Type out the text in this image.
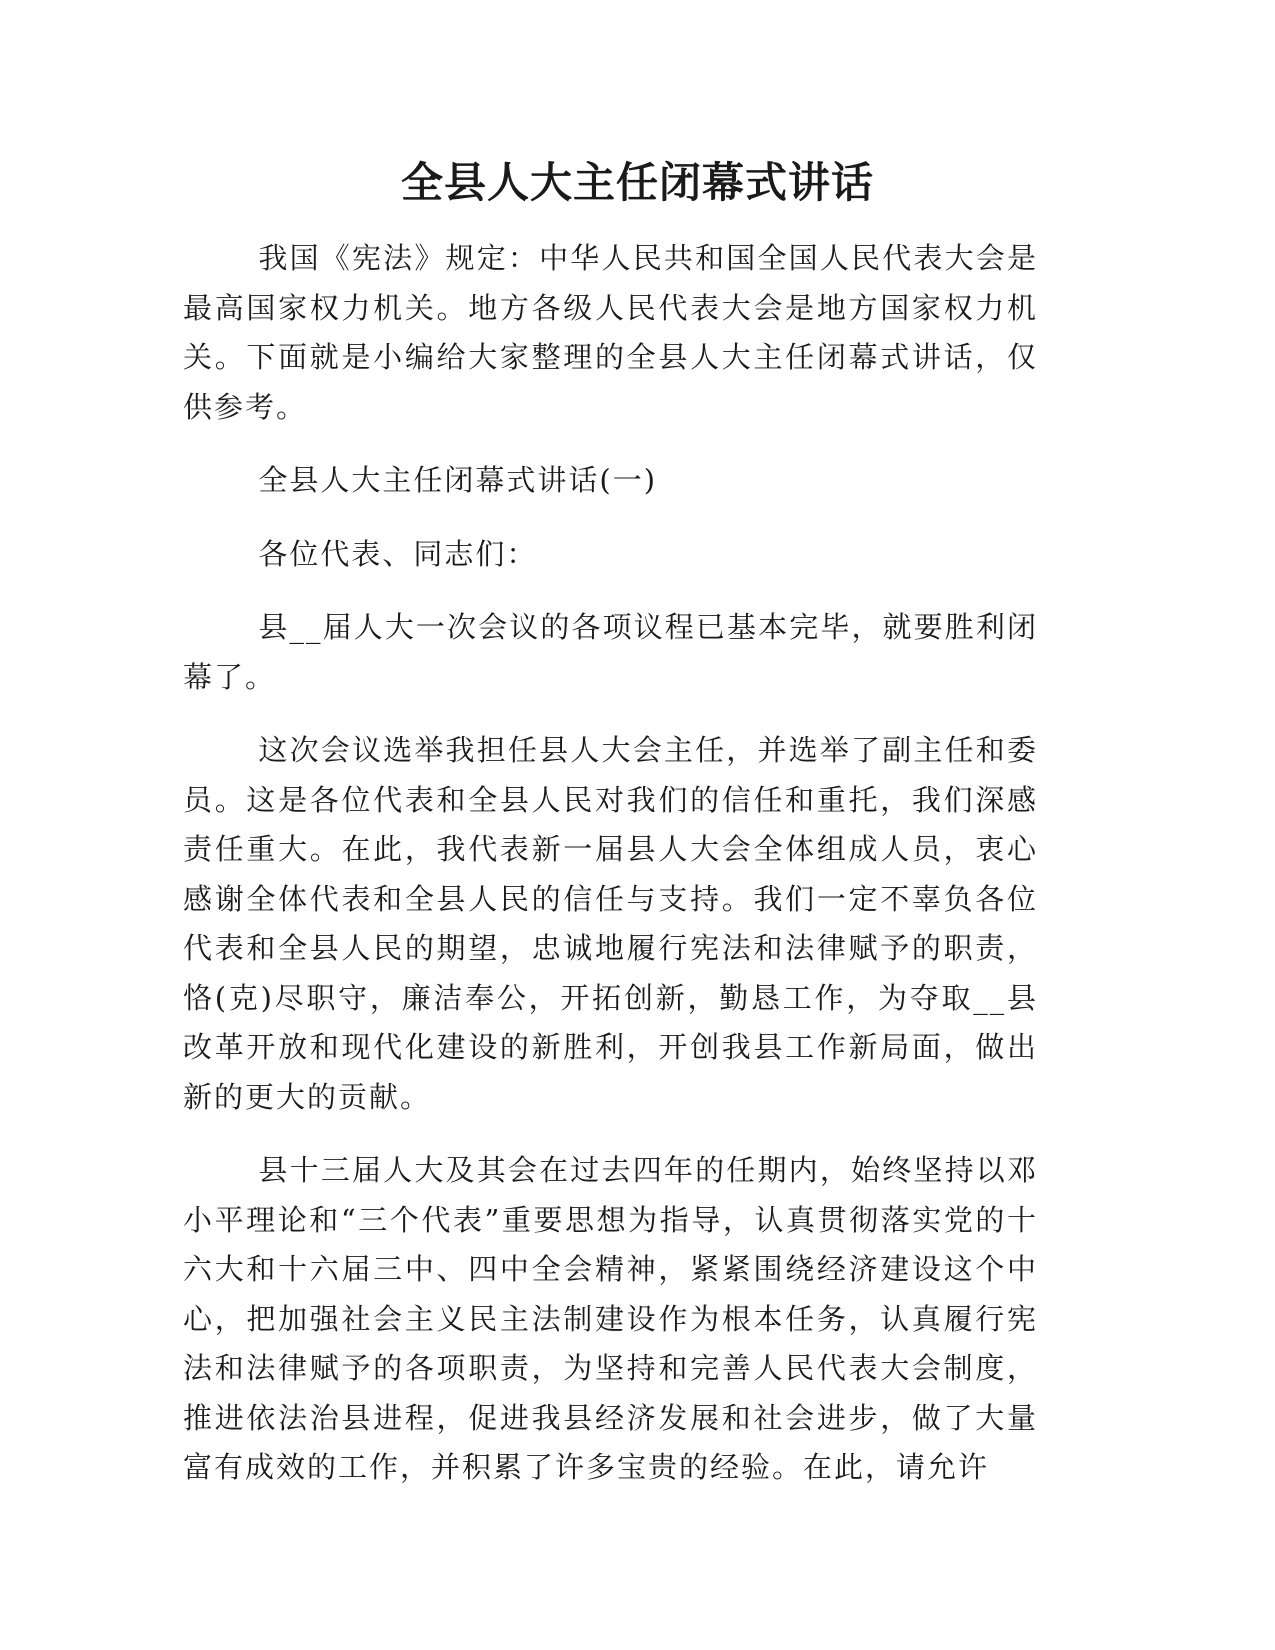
全县人大主任闭幕式讲话

我国《宪法》规定：中华人民共和国全国人民代表大会是最高国家权力机关。地方各级人民代表大会是地方国家权力机关。下面就是小编给大家整理的全县人大主任闭幕式讲话，仅供参考。

全县人大主任闭幕式讲话(一)

各位代表、同志们：

县__届人大一次会议的各项议程已基本完毕，就要胜利闭幕了。

这次会议选举我担任县人大会主任，并选举了副主任和委员。这是各位代表和全县人民对我们的信任和重托，我们深感责任重大。在此，我代表新一届县人大会全体组成人员，衷心感谢全体代表和全县人民的信任与支持。我们一定不辜负各位代表和全县人民的期望，忠诚地履行宪法和法律赋予的职责，恪(克)尽职守，廉洁奉公，开拓创新，勤恳工作，为夺取__县改革开放和现代化建设的新胜利，开创我县工作新局面，做出新的更大的贡献。

县十三届人大及其会在过去四年的任期内，始终坚持以邓小平理论和“三个代表”重要思想为指导，认真贯彻落实党的十六大和十六届三中、四中全会精神，紧紧围绕经济建设这个中心，把加强社会主义民主法制建设作为根本任务，认真履行宪法和法律赋予的各项职责，为坚持和完善人民代表大会制度，推进依法治县进程，促进我县经济发展和社会进步，做了大量富有成效的工作，并积累了许多宝贵的经验。在此，请允许
